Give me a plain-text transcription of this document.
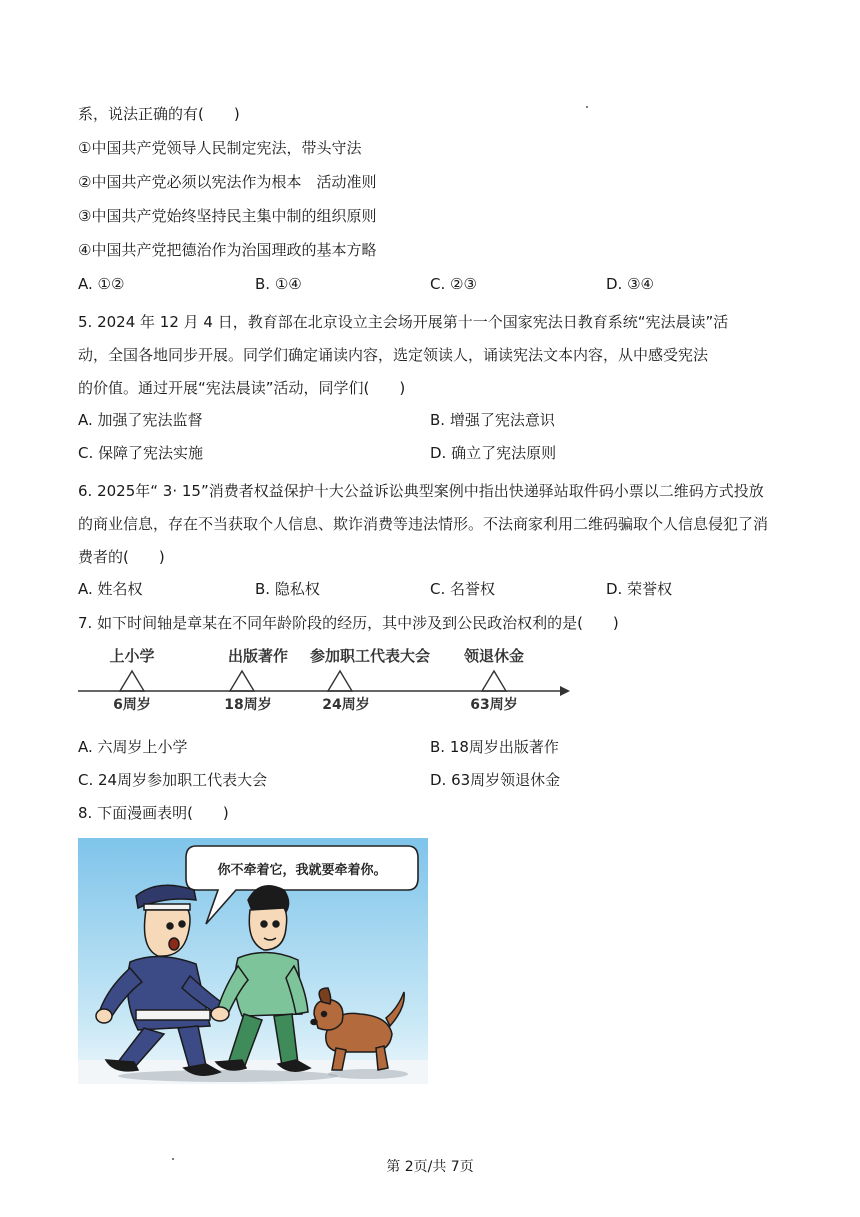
系，说法正确的有(　　)
①中国共产党领导人民制定宪法，带头守法
②中国共产党必须以宪法作为根本　活动准则
③中国共产党始终坚持民主集中制的组织原则
④中国共产党把德治作为治国理政的基本方略
A. ①②	B. ①④	C. ②③	D. ③④
5. 2024 年 12 月 4 日，教育部在北京设立主会场开展第十一个国家宪法日教育系统“宪法晨读”活
动，全国各地同步开展。同学们确定诵读内容，选定领读人，诵读宪法文本内容，从中感受宪法
的价值。通过开展“宪法晨读”活动，同学们(　　)
A. 加强了宪法监督	B. 增强了宪法意识
C. 保障了宪法实施	D. 确立了宪法原则
6. 2025年“ 3· 15”消费者权益保护十大公益诉讼典型案例中指出快递驿站取件码小票以二维码方式投放
的商业信息，存在不当获取个人信息、欺诈消费等违法情形。不法商家利用二维码骗取个人信息侵犯了消
费者的(　　)
A. 姓名权	B. 隐私权	C. 名誉权	D. 荣誉权
7. 如下时间轴是章某在不同年龄阶段的经历，其中涉及到公民政治权利的是(　　)
上小学	出版著作 参加职工代表大会 领退休金
6周岁	18周岁	24周岁	63周岁
A. 六周岁上小学	B. 18周岁出版著作
C. 24周岁参加职工代表大会	D. 63周岁领退休金
8. 下面漫画表明(　　)
你不牵着它，我就要牵着你。
第 2页/共 7页
